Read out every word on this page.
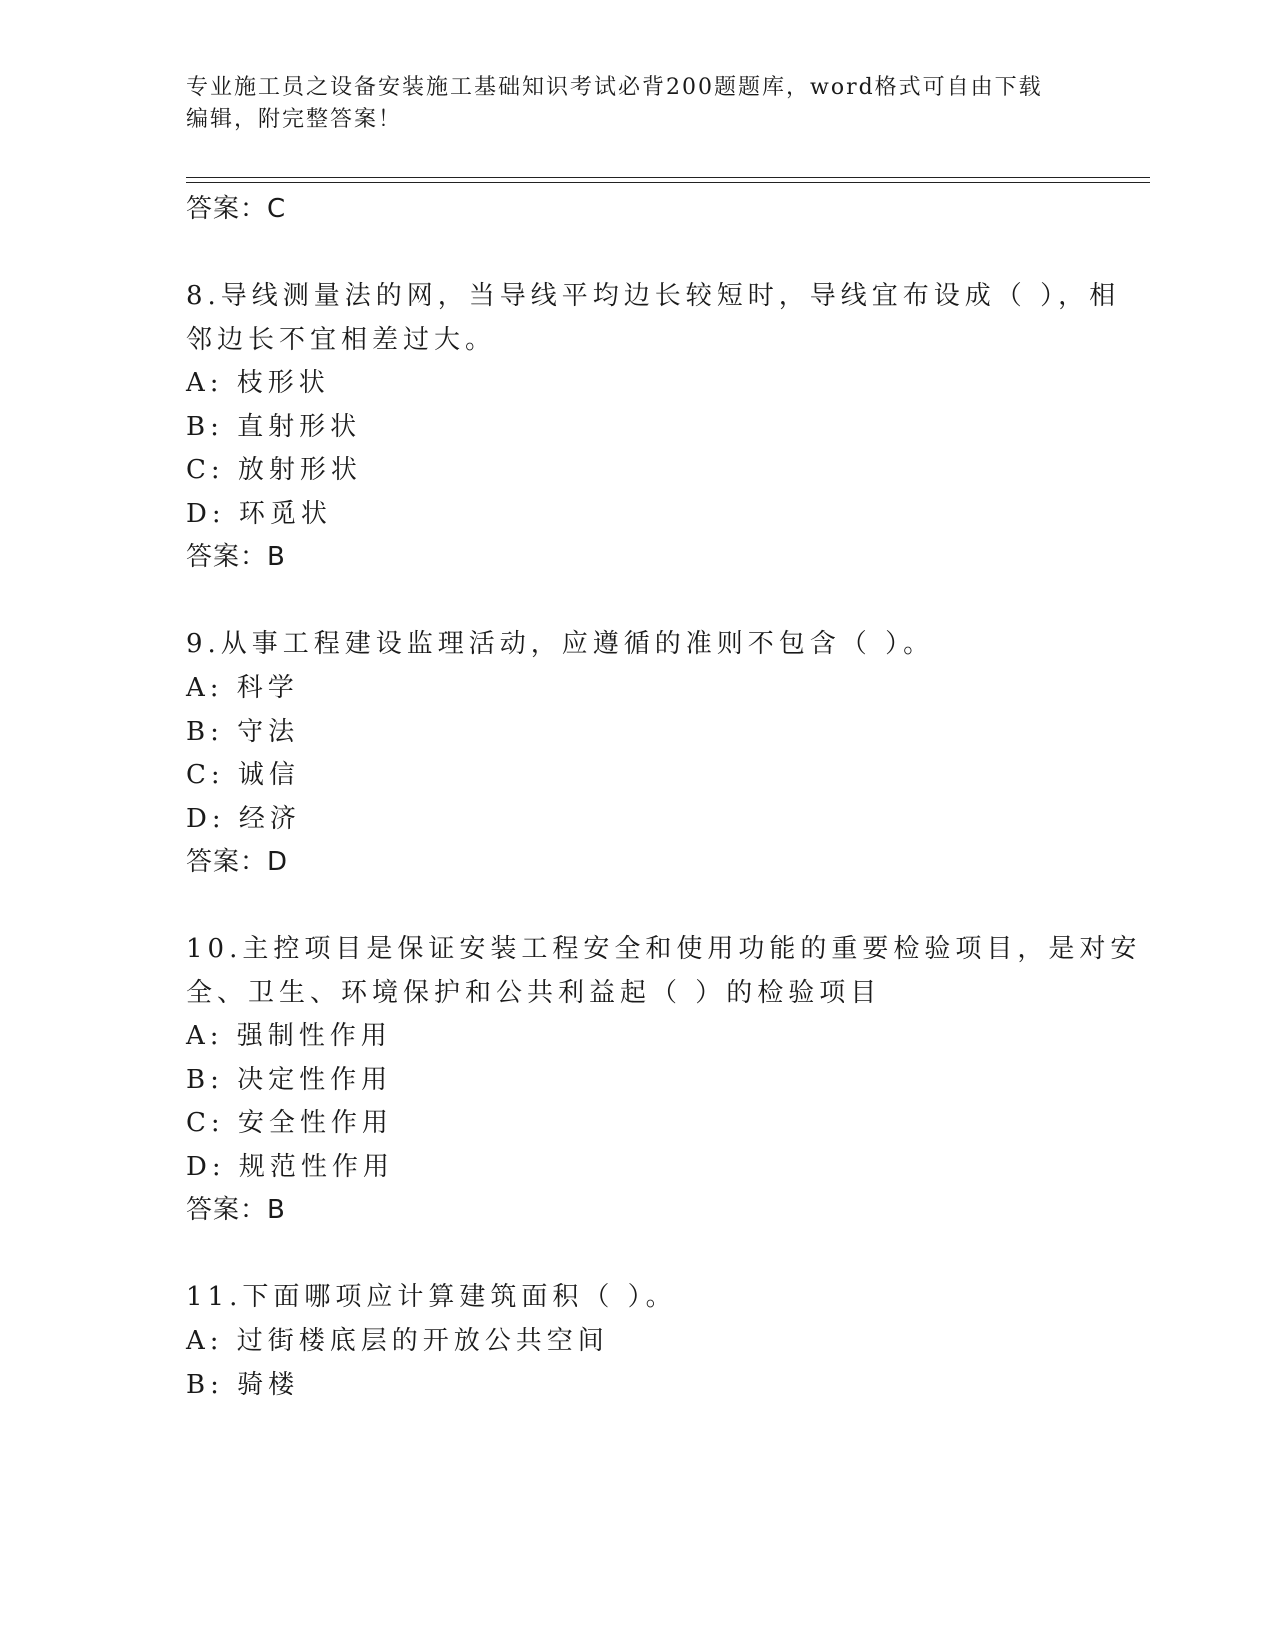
专业施工员之设备安装施工基础知识考试必背200题题库，word格式可自由下载
编辑，附完整答案！
答案：C
8.导线测量法的网，当导线平均边长较短时，导线宜布设成（ ），相
邻边长不宜相差过大。
A: 枝形状
B: 直射形状
C: 放射形状
D: 环觅状
答案：B
9.从事工程建设监理活动，应遵循的准则不包含（ ）。
A: 科学
B: 守法
C: 诚信
D: 经济
答案：D
10.主控项目是保证安装工程安全和使用功能的重要检验项目，是对安
全、卫生、环境保护和公共利益起（ ）的检验项目
A: 强制性作用
B: 决定性作用
C: 安全性作用
D: 规范性作用
答案：B
11.下面哪项应计算建筑面积（ ）。
A: 过街楼底层的开放公共空间
B: 骑楼
